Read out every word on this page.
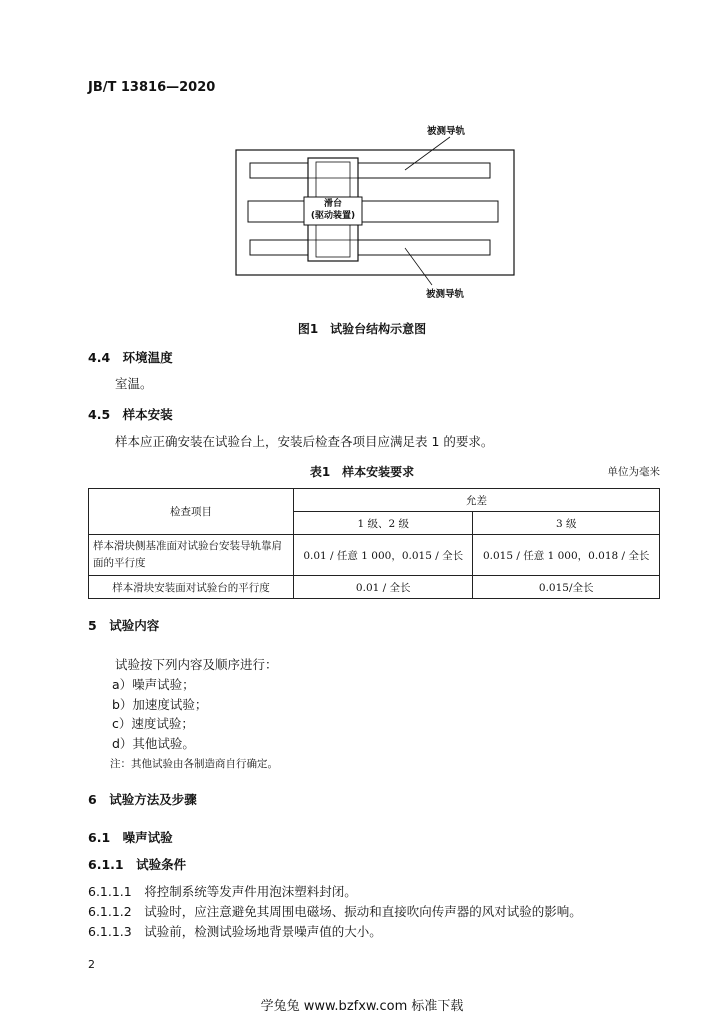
JB/T 13816—2020
被测导轨
被测导轨
滑台
(驱动装置)
图1　试验台结构示意图
4.4　环境温度
室温。
4.5　样本安装
样本应正确安装在试验台上，安装后检查各项目应满足表 1 的要求。
表1　样本安装要求	单位为毫米
检查项目	允差	
	1 级、2 级	3 级
样本滑块侧基准面对试验台安装导轨靠肩面的平行度	0.01 / 任意 1 000，0.015 / 全长	0.015 / 任意 1 000，0.018 / 全长
样本滑块安装面对试验台的平行度	0.01 / 全长	0.015/全长
5　试验内容
试验按下列内容及顺序进行：
a）噪声试验；
b）加速度试验；
c）速度试验；
d）其他试验。
注：其他试验由各制造商自行确定。
6　试验方法及步骤
6.1　噪声试验
6.1.1　试验条件
6.1.1.1　将控制系统等发声件用泡沫塑料封闭。
6.1.1.2　试验时，应注意避免其周围电磁场、振动和直接吹向传声器的风对试验的影响。
6.1.1.3　试验前，检测试验场地背景噪声值的大小。
2
学兔兔 www.bzfxw.com 标准下载
